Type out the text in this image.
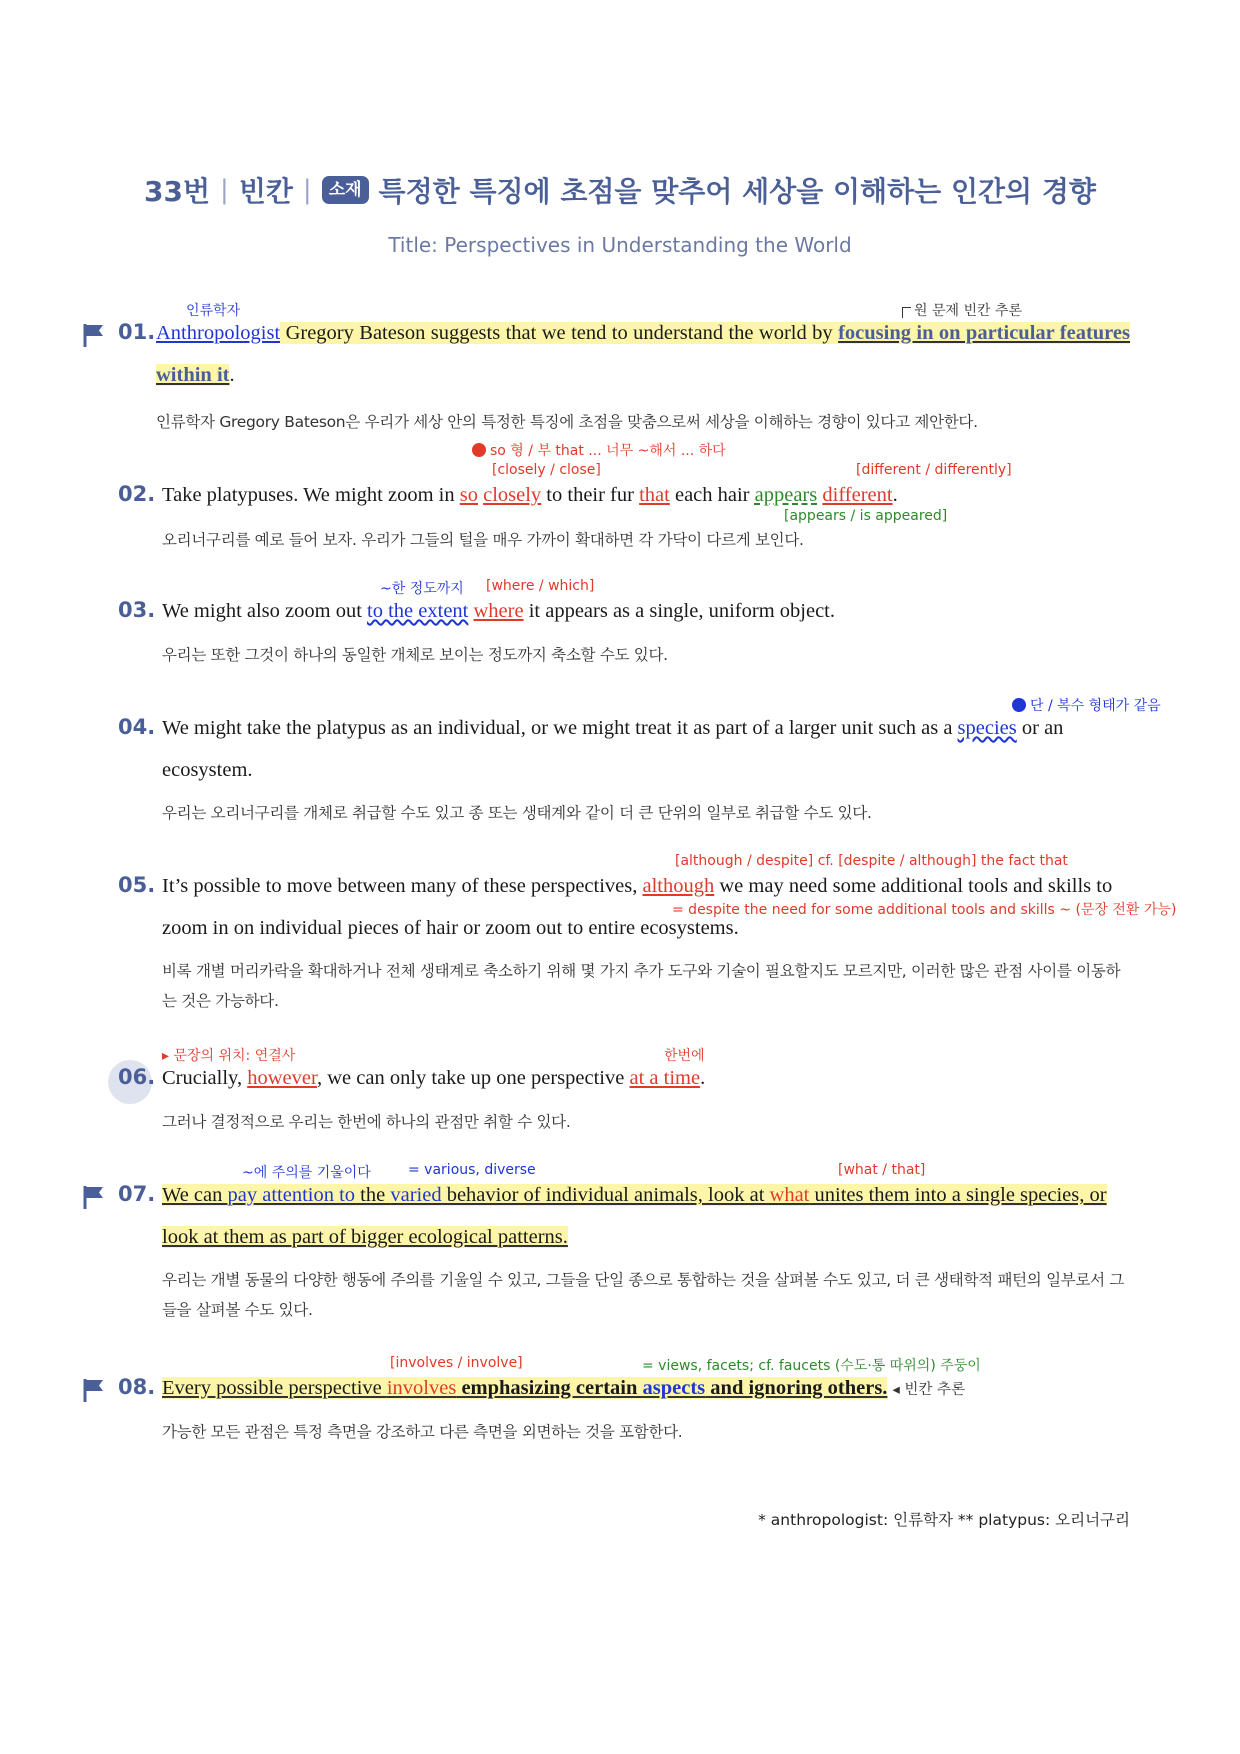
33번 | 빈칸 |	소재 특정한 특징에 초점을 맞추어 세상을 이해하는 인간의 경향
Title: Perspectives in Understanding the World
인류학자	원 문제 빈칸 추론
01. Anthropologist Gregory Bateson suggests that we tend to understand the world by focusing in on particular features within it.
인류학자 Gregory Bateson은 우리가 세상 안의 특정한 특징에 초점을 맞춤으로써 세상을 이해하는 경향이 있다고 제안한다.
so 형 / 부 that ... 너무 ~해서 ... 하다
[closely / close]	[different / differently]
02. Take platypuses. We might zoom in so closely to their fur that each hair appears different.
[appears / is appeared]
오리너구리를 예로 들어 보자. 우리가 그들의 털을 매우 가까이 확대하면 각 가닥이 다르게 보인다.
~한 정도까지 [where / which]
03. We might also zoom out to the extent where it appears as a single, uniform object.
우리는 또한 그것이 하나의 동일한 개체로 보이는 정도까지 축소할 수도 있다.
단 / 복수 형태가 같음
04. We might take the platypus as an individual, or we might treat it as part of a larger unit such as a species or an ecosystem.
우리는 오리너구리를 개체로 취급할 수도 있고 종 또는 생태계와 같이 더 큰 단위의 일부로 취급할 수도 있다.
[although / despite] cf. [despite / although] the fact that
05. It’s possible to move between many of these perspectives, although we may need some additional tools and skills to zoom in on individual pieces of hair or zoom out to entire ecosystems.
= despite the need for some additional tools and skills ~ (문장 전환 가능)
비록 개별 머리카락을 확대하거나 전체 생태계로 축소하기 위해 몇 가지 추가 도구와 기술이 필요할지도 모르지만, 이러한 많은 관점 사이를 이동하는 것은 가능하다.
▸ 문장의 위치: 연결사	한번에
06. Crucially, however, we can only take up one perspective at a time.
그러나 결정적으로 우리는 한번에 하나의 관점만 취할 수 있다.
~에 주의를 기울이다	= various, diverse	[what / that]
07. We can pay attention to the varied behavior of individual animals, look at what unites them into a single species, or look at them as part of bigger ecological patterns.
우리는 개별 동물의 다양한 행동에 주의를 기울일 수 있고, 그들을 단일 종으로 통합하는 것을 살펴볼 수도 있고, 더 큰 생태학적 패턴의 일부로서 그들을 살펴볼 수도 있다.
[involves / involve]	= views, facets; cf. faucets (수도·통 따위의) 주둥이
08. Every possible perspective involves emphasizing certain aspects and ignoring others. ◂ 빈칸 추론
가능한 모든 관점은 특정 측면을 강조하고 다른 측면을 외면하는 것을 포함한다.
* anthropologist: 인류학자 ** platypus: 오리너구리
